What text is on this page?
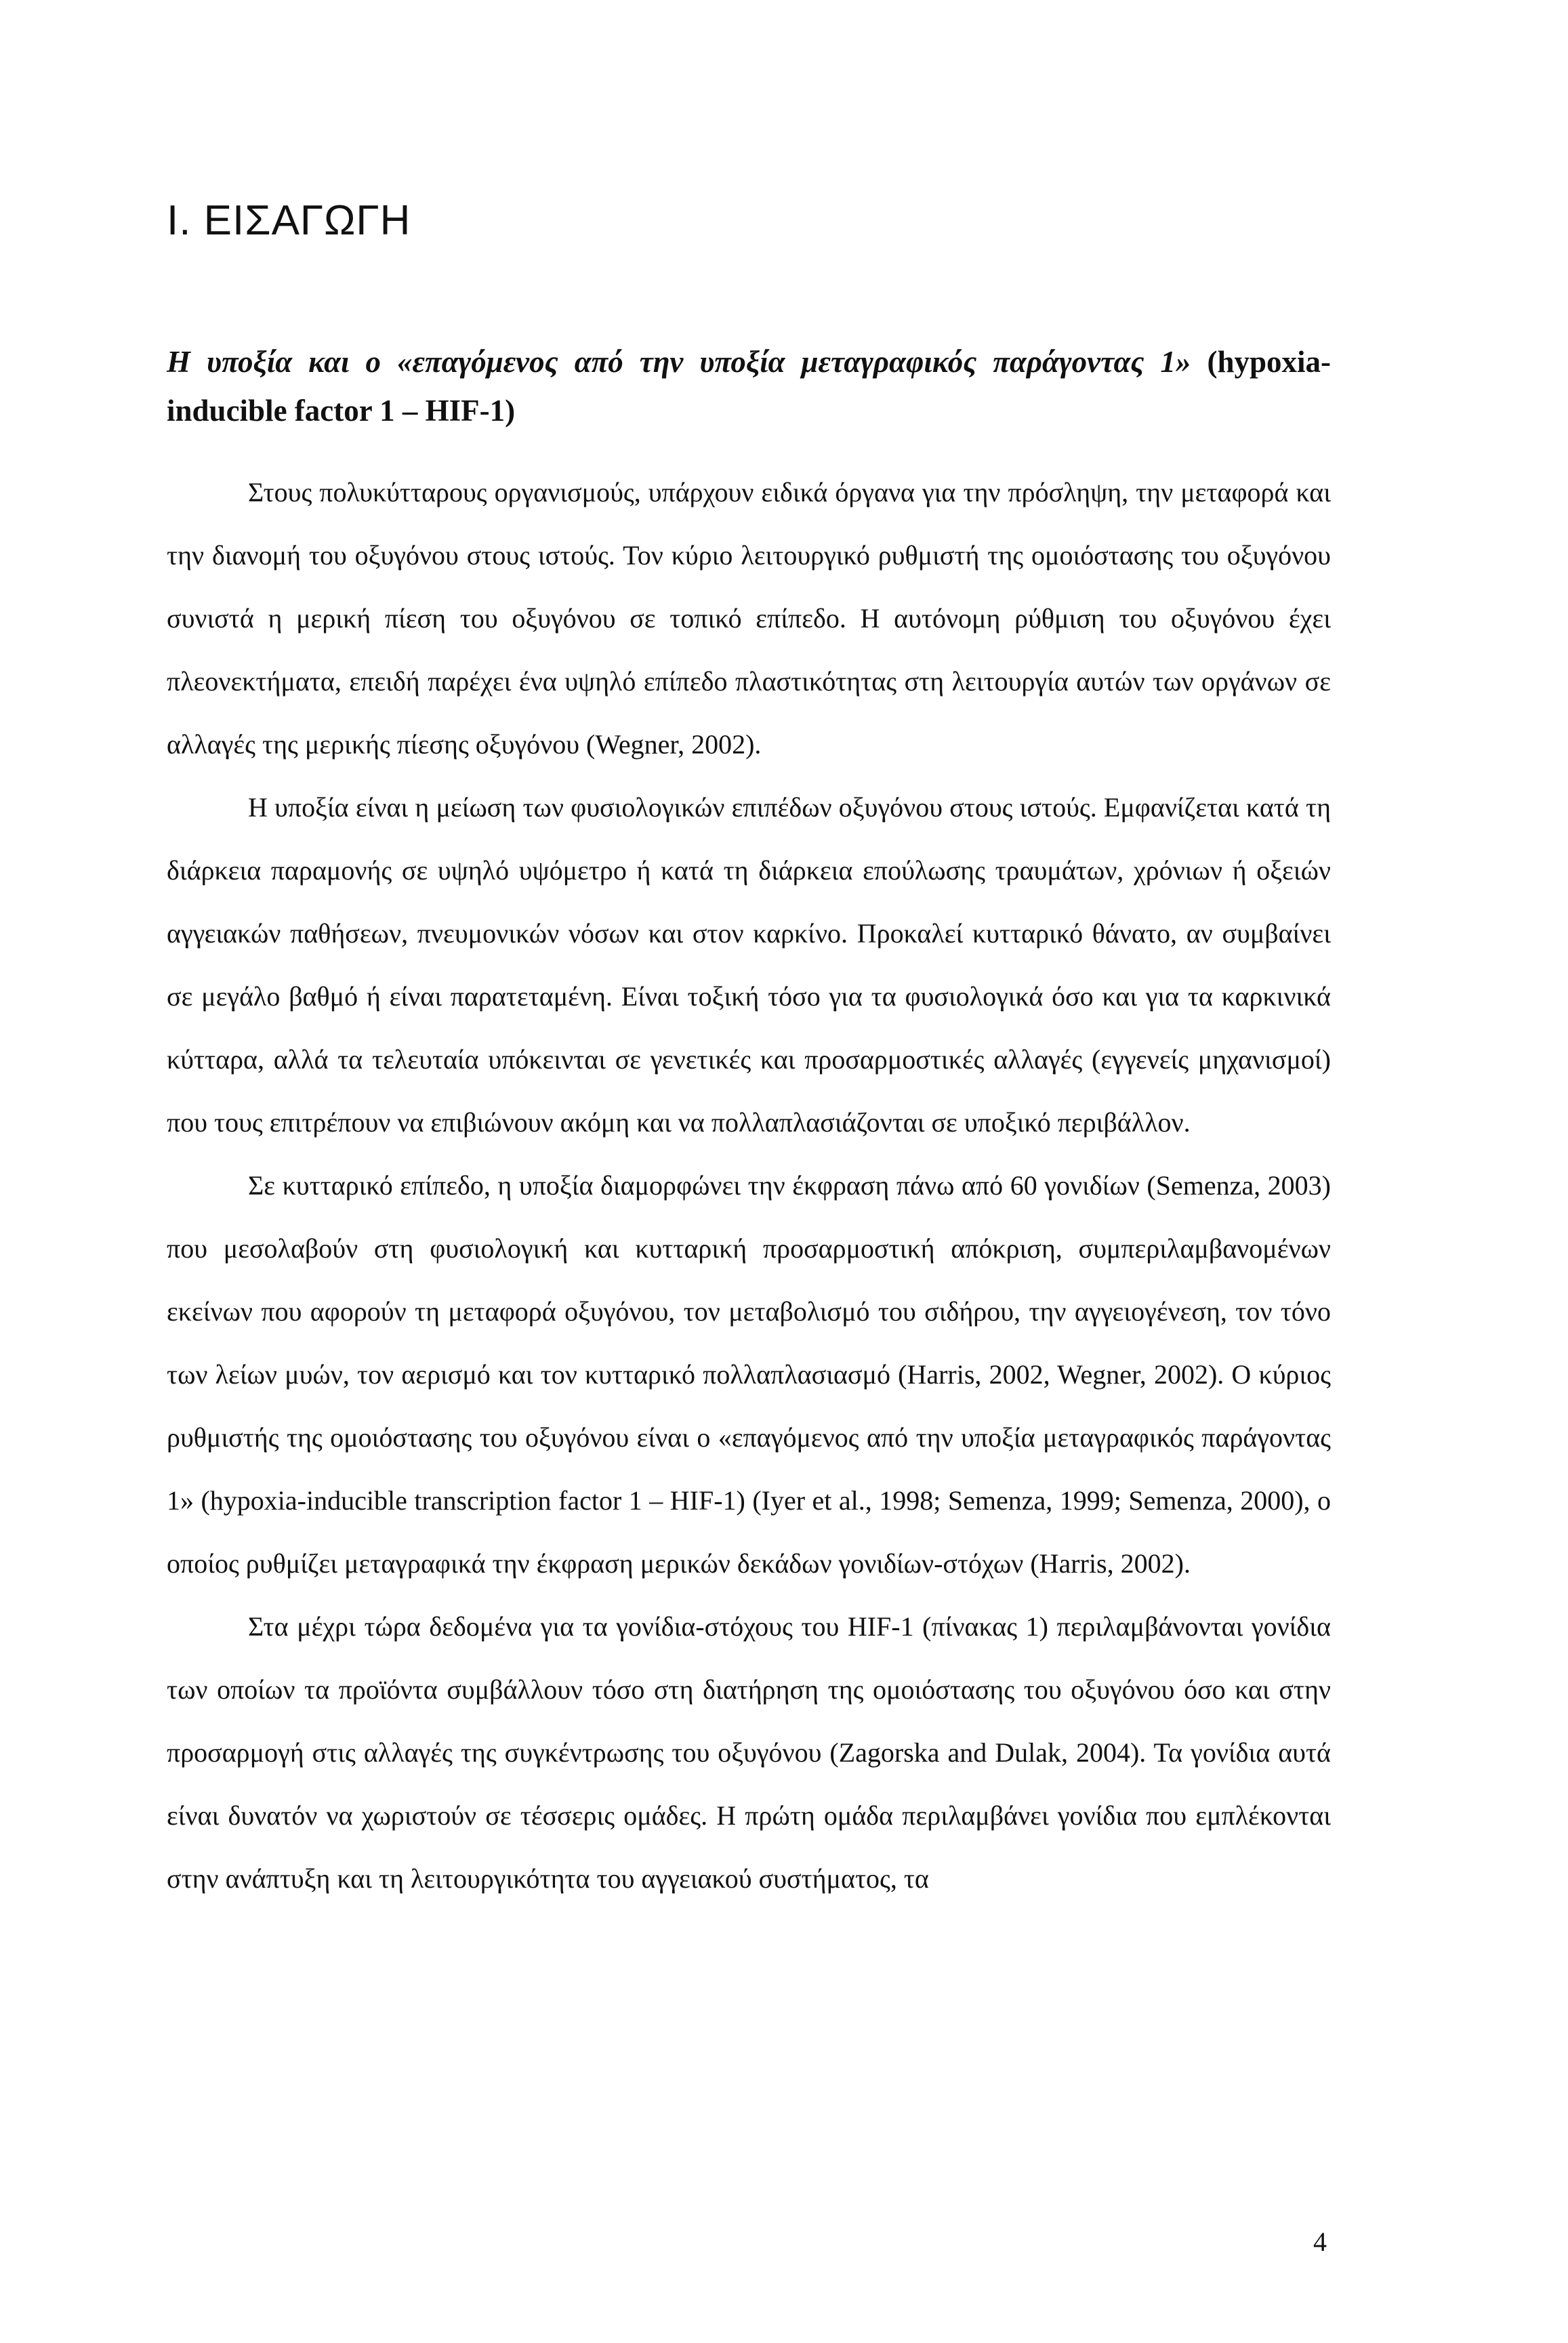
I. ΕΙΣΑΓΩΓΗ
Η υποξία και ο «επαγόμενος από την υποξία μεταγραφικός παράγοντας 1» (hypoxia-inducible factor 1 – HIF-1)

Στους πολυκύτταρους οργανισμούς, υπάρχουν ειδικά όργανα για την πρόσληψη, την μεταφορά και την διανομή του οξυγόνου στους ιστούς. Τον κύριο λειτουργικό ρυθμιστή της ομοιόστασης του οξυγόνου συνιστά η μερική πίεση του οξυγόνου σε τοπικό επίπεδο. Η αυτόνομη ρύθμιση του οξυγόνου έχει πλεονεκτήματα, επειδή παρέχει ένα υψηλό επίπεδο πλαστικότητας στη λειτουργία αυτών των οργάνων σε αλλαγές της μερικής πίεσης οξυγόνου (Wegner, 2002).

Η υποξία είναι η μείωση των φυσιολογικών επιπέδων οξυγόνου στους ιστούς. Εμφανίζεται κατά τη διάρκεια παραμονής σε υψηλό υψόμετρο ή κατά τη διάρκεια επούλωσης τραυμάτων, χρόνιων ή οξειών αγγειακών παθήσεων, πνευμονικών νόσων και στον καρκίνο. Προκαλεί κυτταρικό θάνατο, αν συμβαίνει σε μεγάλο βαθμό ή είναι παρατεταμένη. Είναι τοξική τόσο για τα φυσιολογικά όσο και για τα καρκινικά κύτταρα, αλλά τα τελευταία υπόκεινται σε γενετικές και προσαρμοστικές αλλαγές (εγγενείς μηχανισμοί) που τους επιτρέπουν να επιβιώνουν ακόμη και να πολλαπλασιάζονται σε υποξικό περιβάλλον.

Σε κυτταρικό επίπεδο, η υποξία διαμορφώνει την έκφραση πάνω από 60 γονιδίων (Semenza, 2003) που μεσολαβούν στη φυσιολογική και κυτταρική προσαρμοστική απόκριση, συμπεριλαμβανομένων εκείνων που αφορούν τη μεταφορά οξυγόνου, τον μεταβολισμό του σιδήρου, την αγγειογένεση, τον τόνο των λείων μυών, τον αερισμό και τον κυτταρικό πολλαπλασιασμό (Harris, 2002, Wegner, 2002). Ο κύριος ρυθμιστής της ομοιόστασης του οξυγόνου είναι ο «επαγόμενος από την υποξία μεταγραφικός παράγοντας 1» (hypoxia-inducible transcription factor 1 – HIF-1) (Iyer et al., 1998; Semenza, 1999; Semenza, 2000), ο οποίος ρυθμίζει μεταγραφικά την έκφραση μερικών δεκάδων γονιδίων-στόχων (Harris, 2002).

Στα μέχρι τώρα δεδομένα για τα γονίδια-στόχους του HIF-1 (πίνακας 1) περιλαμβάνονται γονίδια των οποίων τα προϊόντα συμβάλλουν τόσο στη διατήρηση της ομοιόστασης του οξυγόνου όσο και στην προσαρμογή στις αλλαγές της συγκέντρωσης του οξυγόνου (Zagorska and Dulak, 2004). Τα γονίδια αυτά είναι δυνατόν να χωριστούν σε τέσσερις ομάδες. Η πρώτη ομάδα περιλαμβάνει γονίδια που εμπλέκονται στην ανάπτυξη και τη λειτουργικότητα του αγγειακού συστήματος, τα

4
